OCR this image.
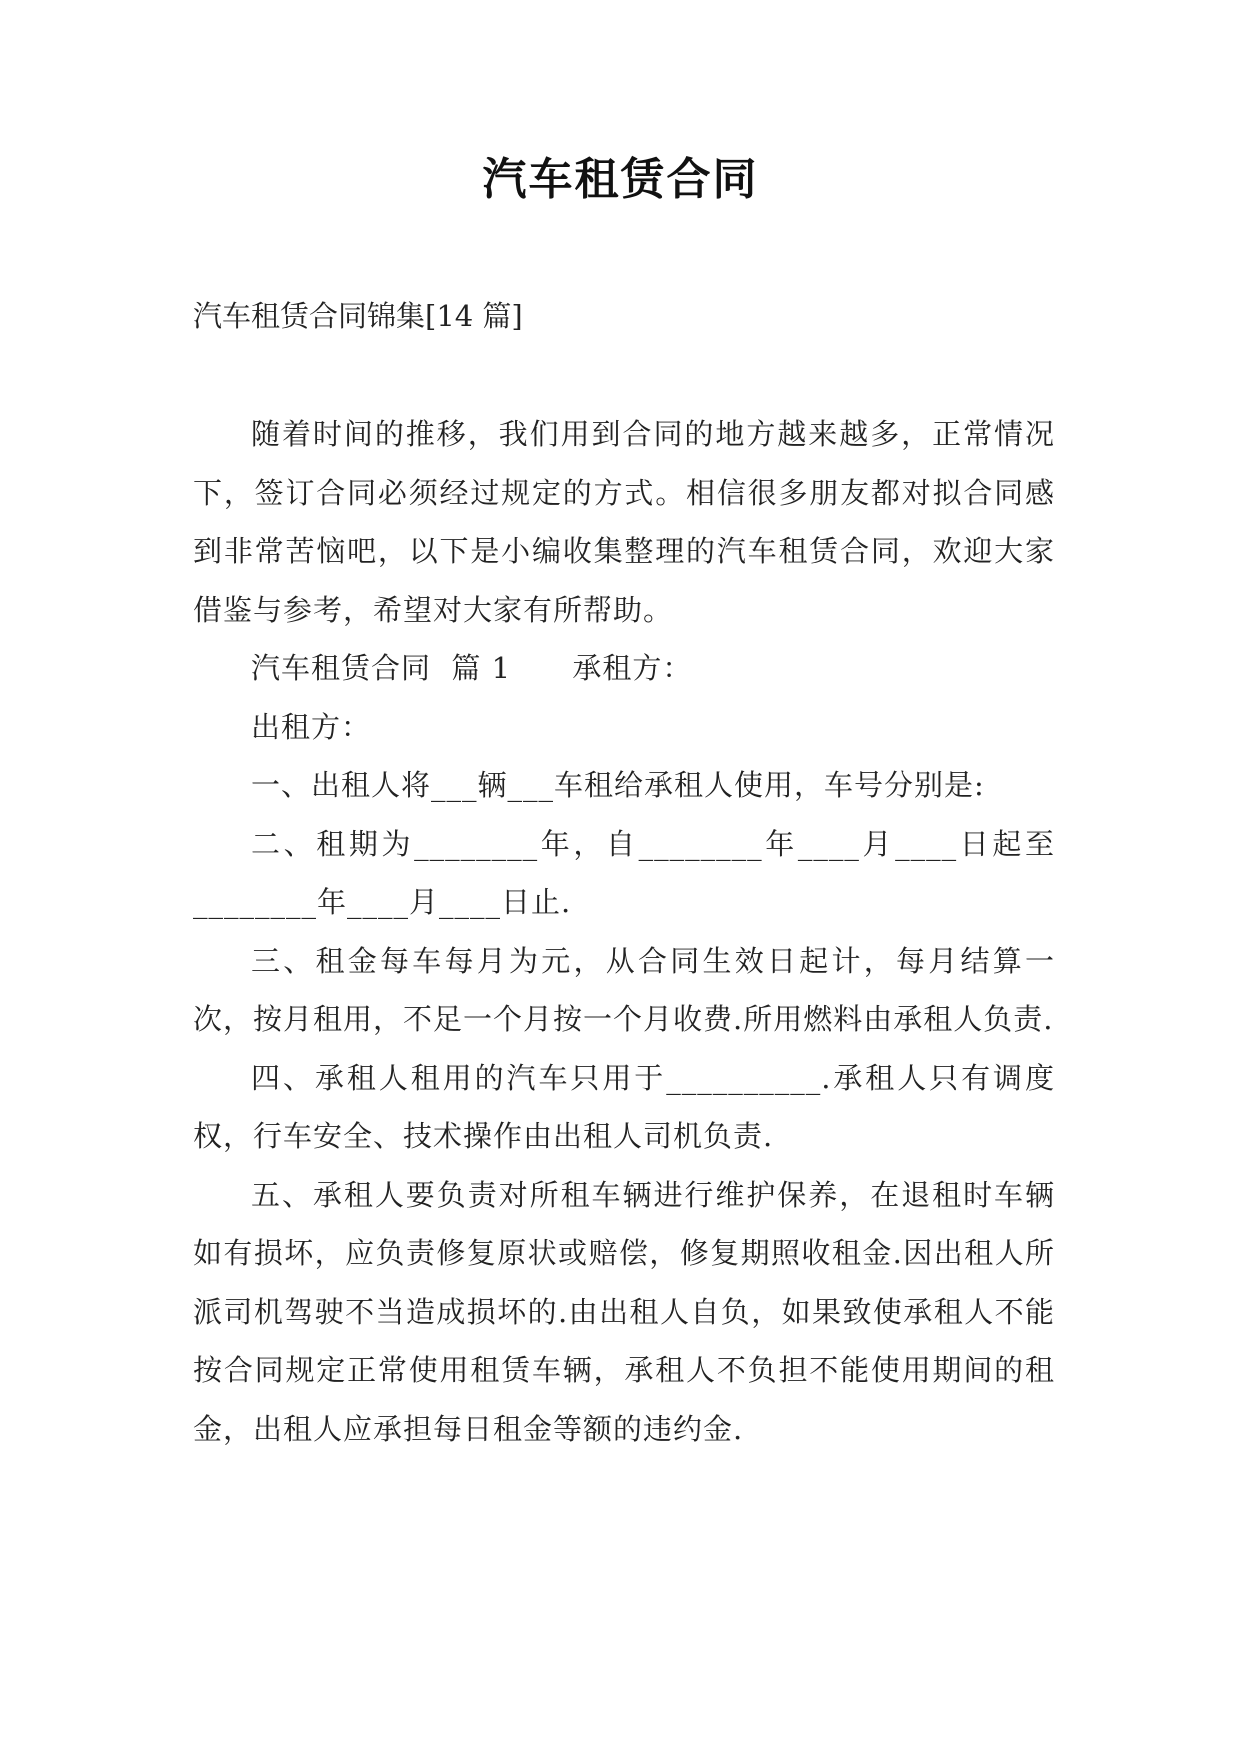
汽车租赁合同
汽车租赁合同锦集[14 篇]

随着时间的推移，我们用到合同的地方越来越多，正常情况下，签订合同必须经过规定的方式。相信很多朋友都对拟合同感到非常苦恼吧，以下是小编收集整理的汽车租赁合同，欢迎大家借鉴与参考，希望对大家有所帮助。

汽车租赁合同  篇 1      承租方：

出租方：

一、出租人将___辆___车租给承租人使用，车号分别是:

二、租期为________年，自________年____月____日起至________年____月____日止.

三、租金每车每月为元，从合同生效日起计，每月结算一次，按月租用，不足一个月按一个月收费.所用燃料由承租人负责.

四、承租人租用的汽车只用于__________.承租人只有调度权，行车安全、技术操作由出租人司机负责.

五、承租人要负责对所租车辆进行维护保养，在退租时车辆如有损坏，应负责修复原状或赔偿，修复期照收租金.因出租人所派司机驾驶不当造成损坏的.由出租人自负，如果致使承租人不能按合同规定正常使用租赁车辆，承租人不负担不能使用期间的租金，出租人应承担每日租金等额的违约金.
